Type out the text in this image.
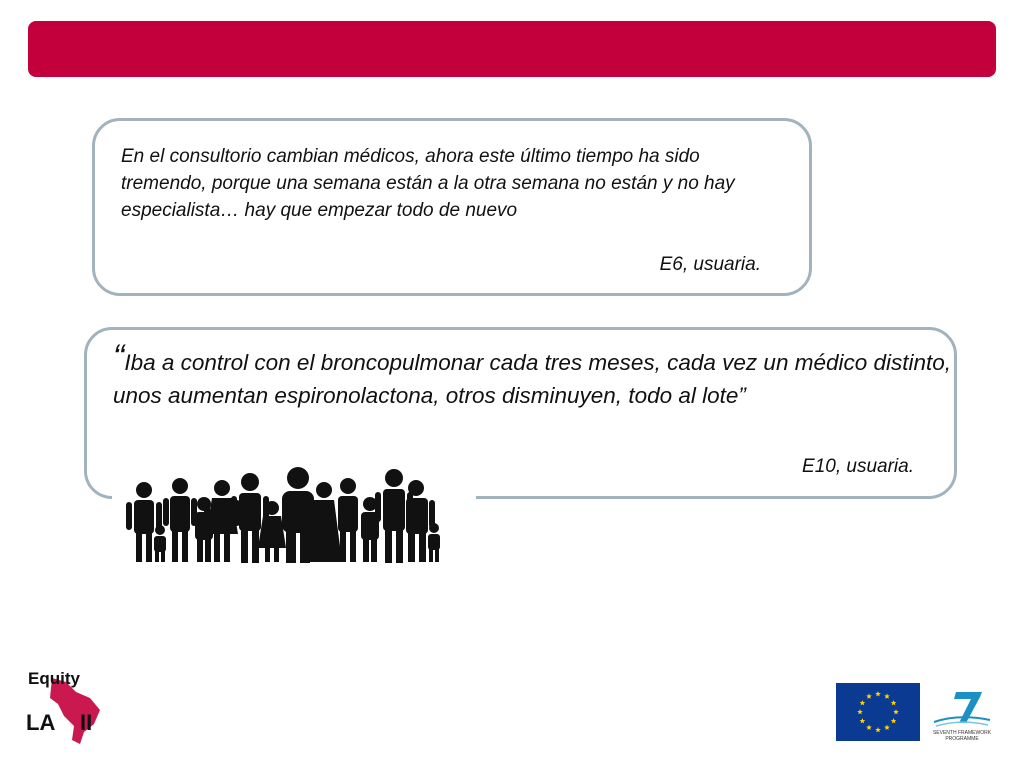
En el consultorio cambian médicos, ahora este último tiempo ha sido tremendo, porque una semana están a la otra semana no están y no hay especialista… hay que empezar todo de nuevo
E6, usuaria.
“Iba a control con el broncopulmonar cada tres meses, cada vez un médico distinto, unos aumentan espironolactona, otros disminuyen, todo al lote”
E10, usuaria.
Equity
LA II	SEVENTH FRAMEWORK
PROGRAMME
